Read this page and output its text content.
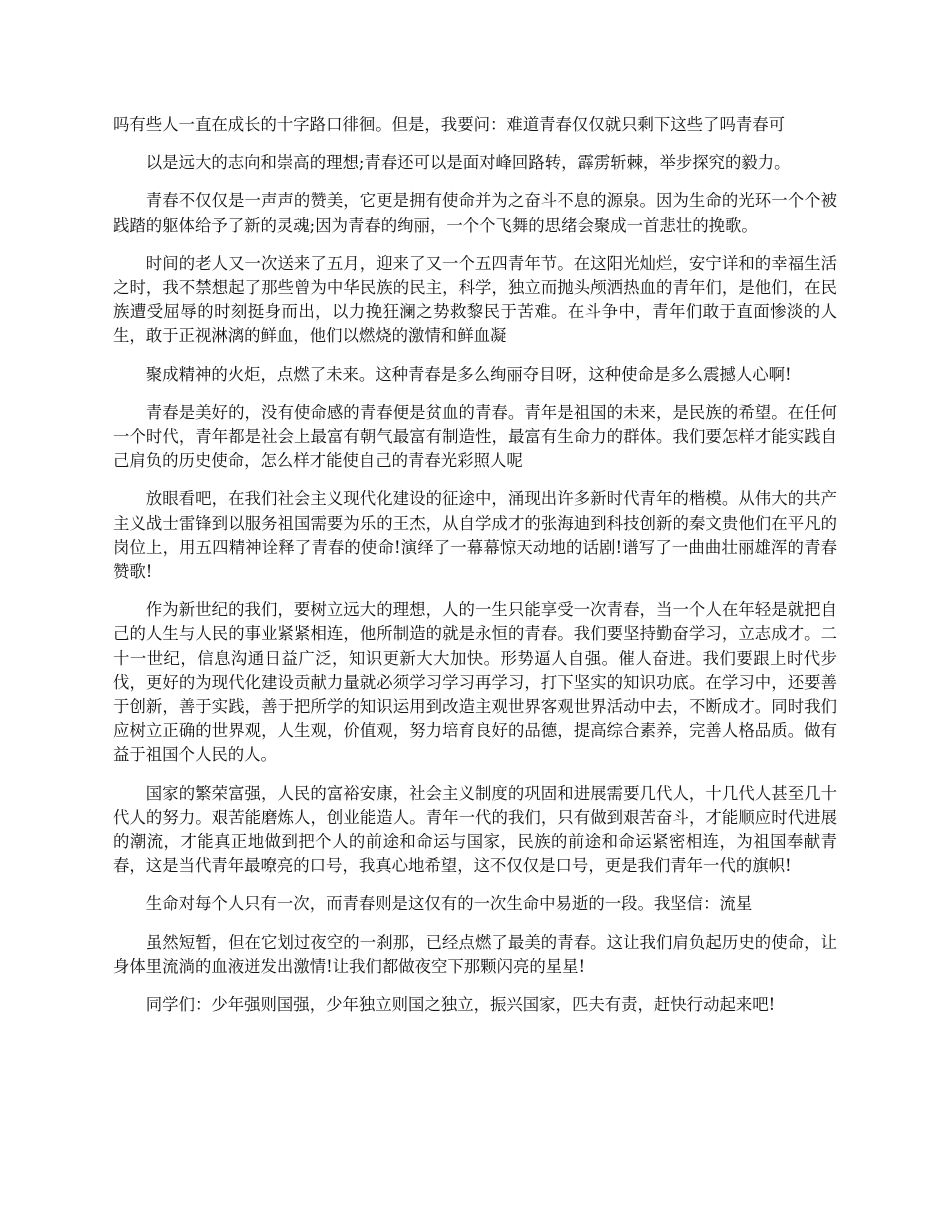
吗有些人一直在成长的十字路口徘徊。但是，我要问：难道青春仅仅就只剩下这些了吗青春可

以是远大的志向和崇高的理想;青春还可以是面对峰回路转，霹雳斩棘，举步探究的毅力。

青春不仅仅是一声声的赞美，它更是拥有使命并为之奋斗不息的源泉。因为生命的光环一个个被践踏的躯体给予了新的灵魂;因为青春的绚丽，一个个飞舞的思绪会聚成一首悲壮的挽歌。

时间的老人又一次送来了五月，迎来了又一个五四青年节。在这阳光灿烂，安宁详和的幸福生活之时，我不禁想起了那些曾为中华民族的民主，科学，独立而抛头颅洒热血的青年们，是他们，在民族遭受屈辱的时刻挺身而出，以力挽狂澜之势救黎民于苦难。在斗争中，青年们敢于直面惨淡的人生，敢于正视淋漓的鲜血，他们以燃烧的激情和鲜血凝

聚成精神的火炬，点燃了未来。这种青春是多么绚丽夺目呀，这种使命是多么震撼人心啊!

青春是美好的，没有使命感的青春便是贫血的青春。青年是祖国的未来，是民族的希望。在任何一个时代，青年都是社会上最富有朝气最富有制造性，最富有生命力的群体。我们要怎样才能实践自己肩负的历史使命，怎么样才能使自己的青春光彩照人呢

放眼看吧，在我们社会主义现代化建设的征途中，涌现出许多新时代青年的楷模。从伟大的共产主义战士雷锋到以服务祖国需要为乐的王杰，从自学成才的张海迪到科技创新的秦文贵他们在平凡的岗位上，用五四精神诠释了青春的使命!演绎了一幕幕惊天动地的话剧!谱写了一曲曲壮丽雄浑的青春赞歌!

作为新世纪的我们，要树立远大的理想，人的一生只能享受一次青春，当一个人在年轻是就把自己的人生与人民的事业紧紧相连，他所制造的就是永恒的青春。我们要坚持勤奋学习，立志成才。二十一世纪，信息沟通日益广泛，知识更新大大加快。形势逼人自强。催人奋进。我们要跟上时代步伐，更好的为现代化建设贡献力量就必须学习学习再学习，打下坚实的知识功底。在学习中，还要善于创新，善于实践，善于把所学的知识运用到改造主观世界客观世界活动中去，不断成才。同时我们应树立正确的世界观，人生观，价值观，努力培育良好的品德，提高综合素养，完善人格品质。做有益于祖国个人民的人。

国家的繁荣富强，人民的富裕安康，社会主义制度的巩固和进展需要几代人，十几代人甚至几十代人的努力。艰苦能磨炼人，创业能造人。青年一代的我们，只有做到艰苦奋斗，才能顺应时代进展的潮流，才能真正地做到把个人的前途和命运与国家，民族的前途和命运紧密相连，为祖国奉献青春，这是当代青年最嘹亮的口号，我真心地希望，这不仅仅是口号，更是我们青年一代的旗帜!

生命对每个人只有一次，而青春则是这仅有的一次生命中易逝的一段。我坚信：流星

虽然短暂，但在它划过夜空的一刹那，已经点燃了最美的青春。这让我们肩负起历史的使命，让身体里流淌的血液迸发出激情!让我们都做夜空下那颗闪亮的星星!

同学们：少年强则国强，少年独立则国之独立，振兴国家，匹夫有责，赶快行动起来吧!
